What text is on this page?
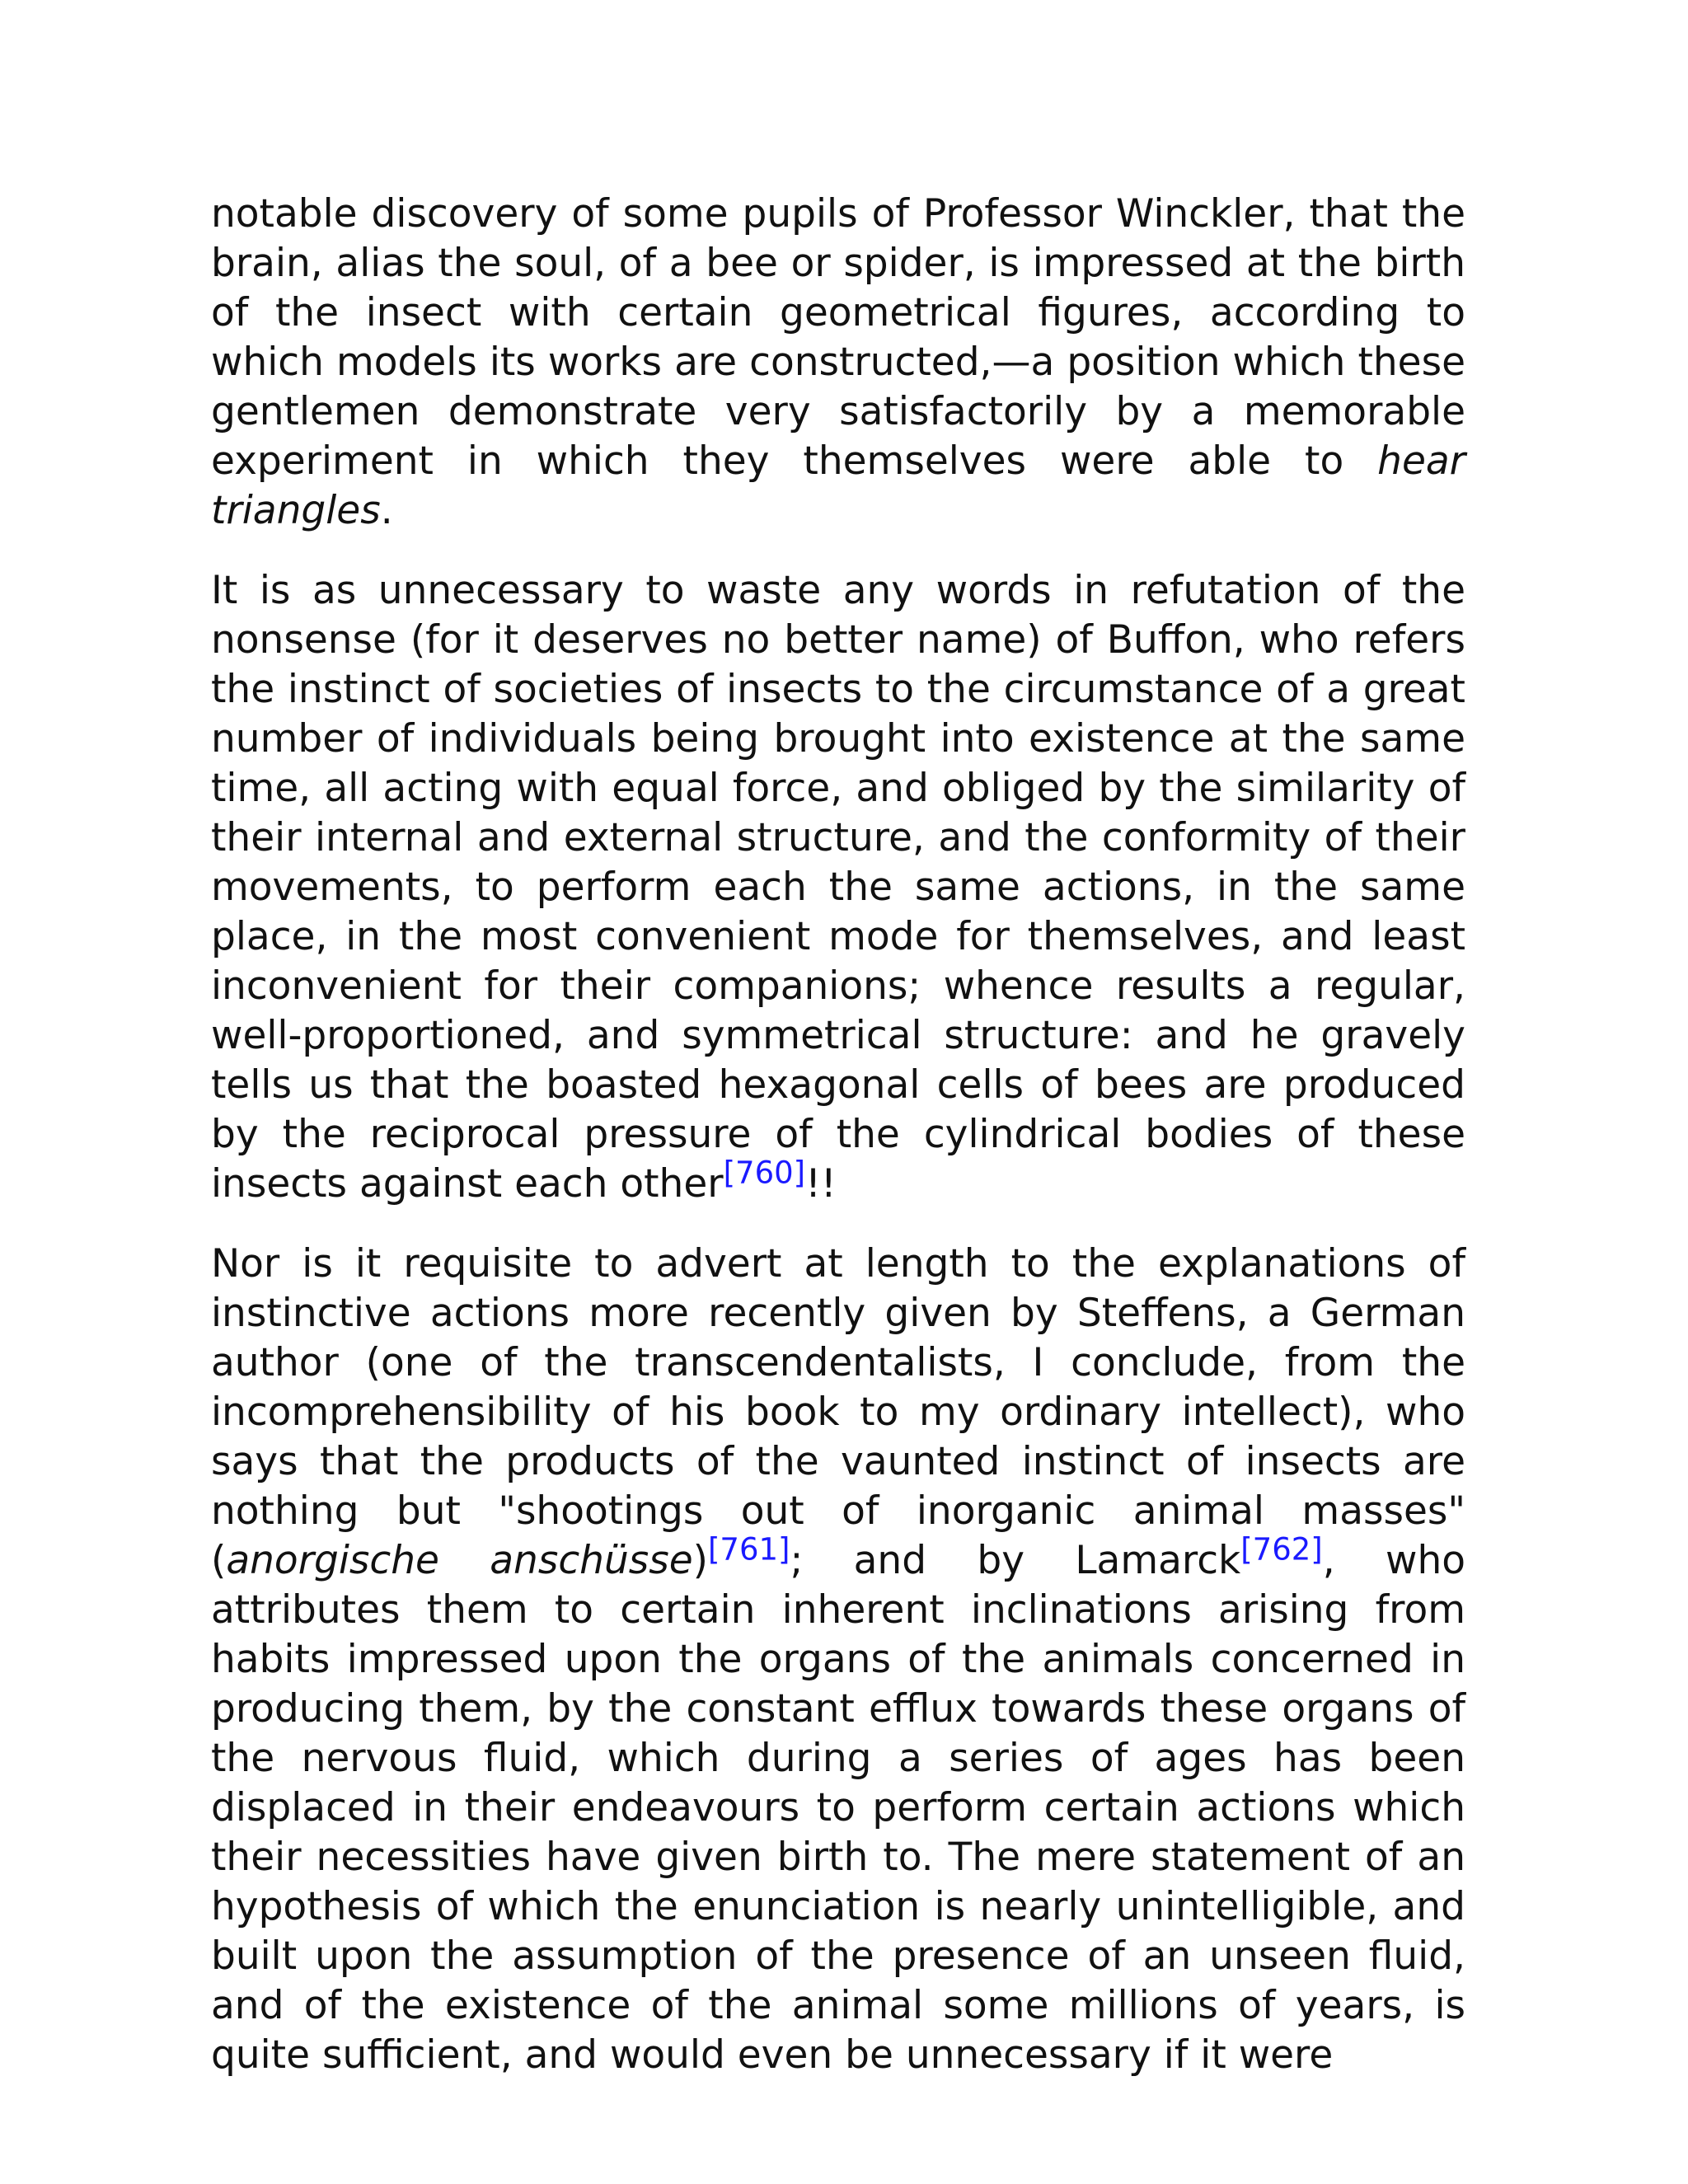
notable discovery of some pupils of Professor Winckler, that the brain, alias the soul, of a bee or spider, is impressed at the birth of the insect with certain geometrical figures, according to which models its works are constructed,—a position which these gentlemen demonstrate very satisfactorily by a memorable experiment in which they themselves were able to hear triangles.

It is as unnecessary to waste any words in refutation of the nonsense (for it deserves no better name) of Buffon, who refers the instinct of societies of insects to the circumstance of a great number of individuals being brought into existence at the same time, all acting with equal force, and obliged by the similarity of their internal and external structure, and the conformity of their movements, to perform each the same actions, in the same place, in the most convenient mode for themselves, and least inconvenient for their companions; whence results a regular, well-proportioned, and symmetrical structure: and he gravely tells us that the boasted hexagonal cells of bees are produced by the reciprocal pressure of the cylindrical bodies of these insects against each other[760]!!

Nor is it requisite to advert at length to the explanations of instinctive actions more recently given by Steffens, a German author (one of the transcendentalists, I conclude, from the incomprehensibility of his book to my ordinary intellect), who says that the products of the vaunted instinct of insects are nothing but "shootings out of inorganic animal masses" (anorgische anschüsse)[761]; and by Lamarck[762], who attributes them to certain inherent inclinations arising from habits impressed upon the organs of the animals concerned in producing them, by the constant efflux towards these organs of the nervous fluid, which during a series of ages has been displaced in their endeavours to perform certain actions which their necessities have given birth to. The mere statement of an hypothesis of which the enunciation is nearly unintelligible, and built upon the assumption of the presence of an unseen fluid, and of the existence of the animal some millions of years, is quite sufficient, and would even be unnecessary if it were
